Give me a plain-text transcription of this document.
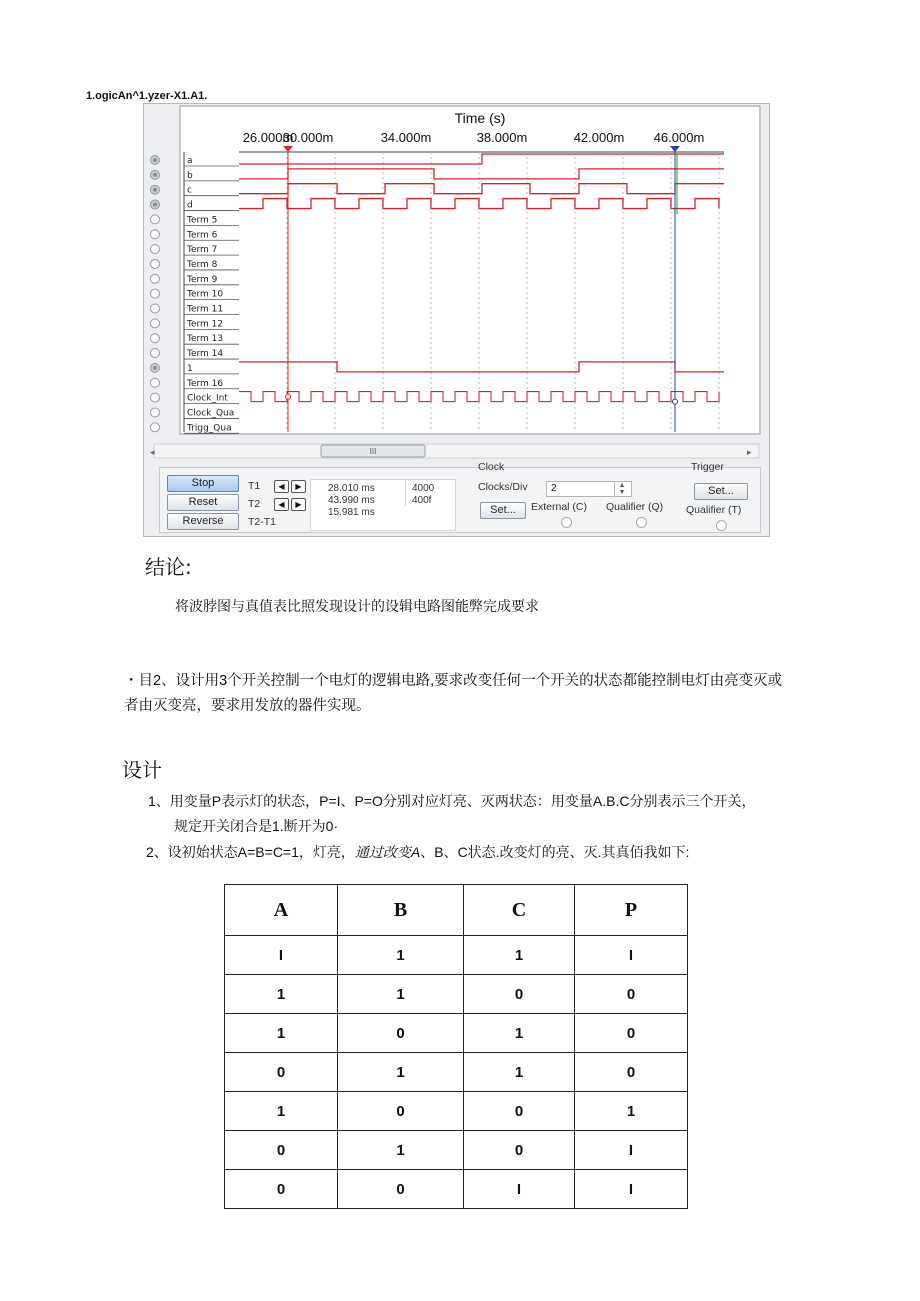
1.ogicAn^1.yzer-X1.A1.
Time (s)
26.000m
30.000m	34.000m	38.000m	42.000m 46.000m
a
b
c
d
Term 5
Term 6
Term 7
Term 8
Term 9
Term 10
Term 11
Term 12
Term 13
Term 14
1
Term 16
Clock_Int
Clock_Qua
Trigg_Qua
◂	▸
III
Stop
Reset
Reverse
T1
T2
T2-T1
◀	▶
◀	▶
28.010 ms
43.990 ms
15.981 ms
4000
400f
Clock
Clocks/Div	2	▲
▼
Set...	External (C) Qualifier (Q)
Trigger
Set...
Qualifier (T)
结论:
将波脖图与真值表比照发现设计的设辑电路图能弊完成要求
・目2、设计用3个开关控制一个电灯的逻辑电路,要求改变任何一个开关的状态都能控制电灯由亮变灭或
者由灭变亮，要求用发放的器件实现。
设计
1、用变量P表示灯的状态，P=I、P=O分别对应灯亮、灭两状态：用变量A.B.C分别表示三个开关，
规定开关闭合是1.断开为0·
2、设初始状态A=B=C=1，灯亮，通过改变A、B、C状态.改变灯的亮、灭.其真佰我如下:
A	B	C	P
I	1	1	I
1	1	0	0
1	0	1	0
0	1	1	0
1	0	0	1
0	1	0	I
0	0	I	I
